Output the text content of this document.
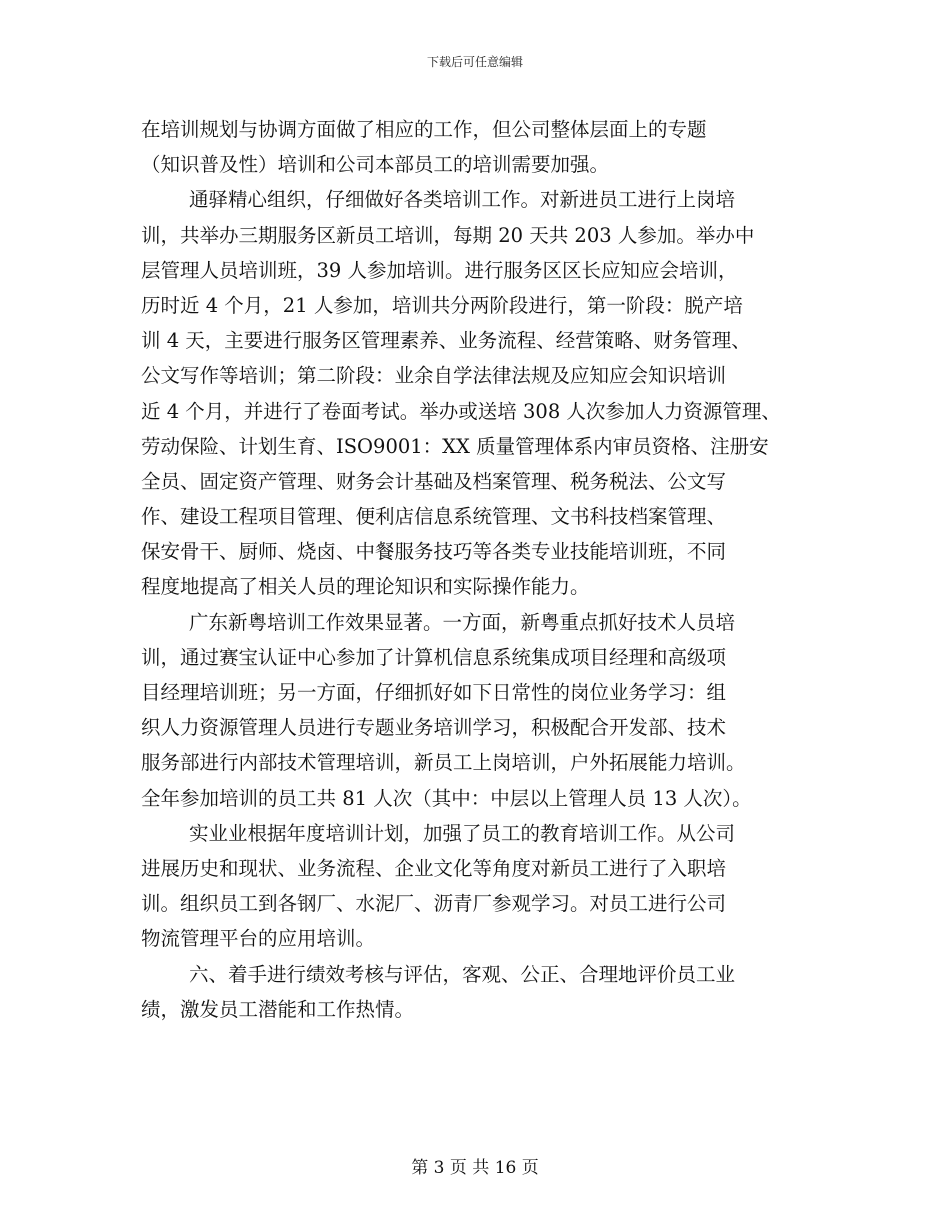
下载后可任意编辑
在培训规划与协调方面做了相应的工作，但公司整体层面上的专题
（知识普及性）培训和公司本部员工的培训需要加强。
通驿精心组织，仔细做好各类培训工作。对新进员工进行上岗培
训，共举办三期服务区新员工培训，每期 20 天共 203 人参加。举办中
层管理人员培训班，39 人参加培训。进行服务区区长应知应会培训，
历时近 4 个月，21 人参加，培训共分两阶段进行，第一阶段：脱产培
训 4 天，主要进行服务区管理素养、业务流程、经营策略、财务管理、
公文写作等培训；第二阶段：业余自学法律法规及应知应会知识培训
近 4 个月，并进行了卷面考试。举办或送培 308 人次参加人力资源管理、
劳动保险、计划生育、ISO9001：XX 质量管理体系内审员资格、注册安
全员、固定资产管理、财务会计基础及档案管理、税务税法、公文写
作、建设工程项目管理、便利店信息系统管理、文书科技档案管理、
保安骨干、厨师、烧卤、中餐服务技巧等各类专业技能培训班，不同
程度地提高了相关人员的理论知识和实际操作能力。
广东新粤培训工作效果显著。一方面，新粤重点抓好技术人员培
训，通过赛宝认证中心参加了计算机信息系统集成项目经理和高级项
目经理培训班；另一方面，仔细抓好如下日常性的岗位业务学习：组
织人力资源管理人员进行专题业务培训学习，积极配合开发部、技术
服务部进行内部技术管理培训，新员工上岗培训，户外拓展能力培训。
全年参加培训的员工共 81 人次（其中：中层以上管理人员 13 人次）。
实业业根据年度培训计划，加强了员工的教育培训工作。从公司
进展历史和现状、业务流程、企业文化等角度对新员工进行了入职培
训。组织员工到各钢厂、水泥厂、沥青厂参观学习。对员工进行公司
物流管理平台的应用培训。
六、着手进行绩效考核与评估，客观、公正、合理地评价员工业
绩，激发员工潜能和工作热情。
第 3 页 共 16 页
